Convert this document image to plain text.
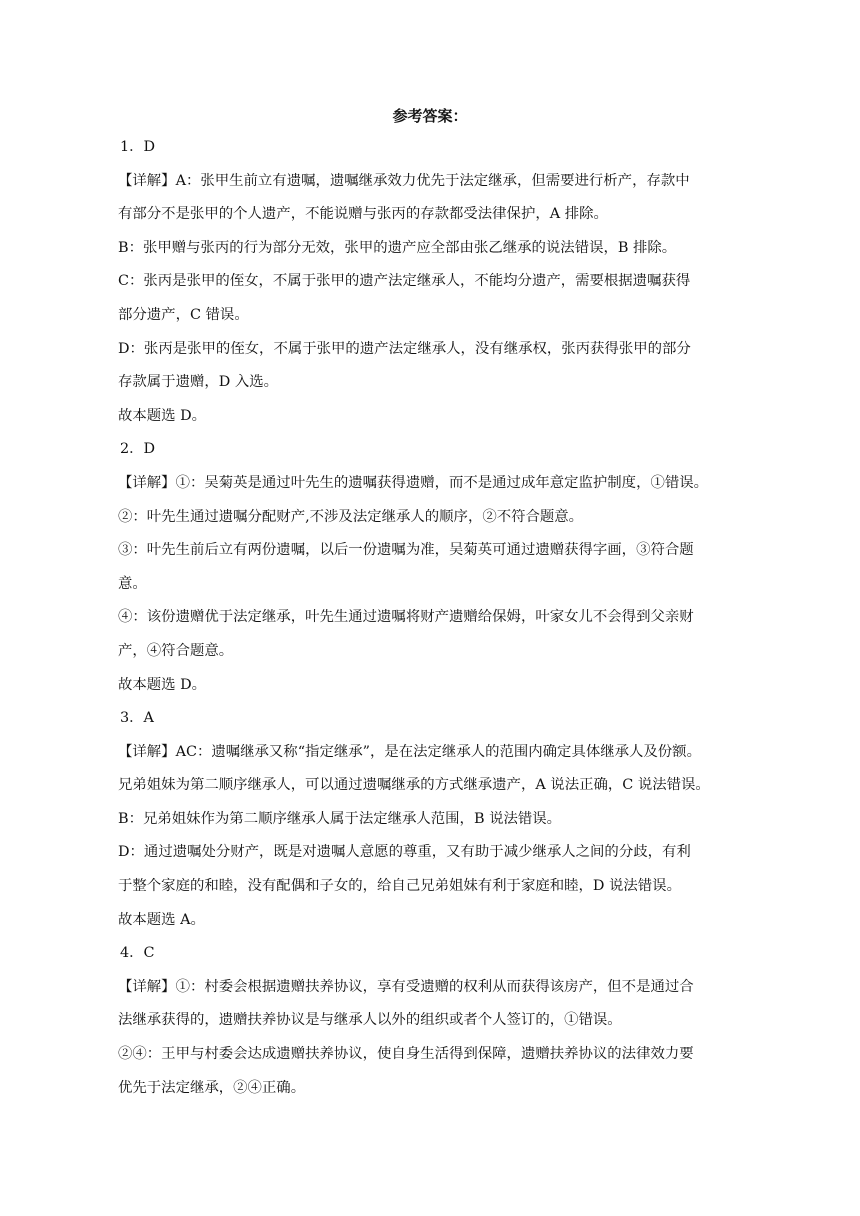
参考答案：
1．D
【详解】A：张甲生前立有遗嘱，遗嘱继承效力优先于法定继承，但需要进行析产，存款中
有部分不是张甲的个人遗产，不能说赠与张丙的存款都受法律保护，A 排除。
B：张甲赠与张丙的行为部分无效，张甲的遗产应全部由张乙继承的说法错误，B 排除。
C：张丙是张甲的侄女，不属于张甲的遗产法定继承人，不能均分遗产，需要根据遗嘱获得
部分遗产，C 错误。
D：张丙是张甲的侄女，不属于张甲的遗产法定继承人，没有继承权，张丙获得张甲的部分
存款属于遗赠，D 入选。
故本题选 D。
2．D
【详解】①：吴菊英是通过叶先生的遗嘱获得遗赠，而不是通过成年意定监护制度，①错误。
②：叶先生通过遗嘱分配财产,不涉及法定继承人的顺序，②不符合题意。
③：叶先生前后立有两份遗嘱，以后一份遗嘱为准，吴菊英可通过遗赠获得字画，③符合题
意。
④：该份遗赠优于法定继承，叶先生通过遗嘱将财产遗赠给保姆，叶家女儿不会得到父亲财
产，④符合题意。
故本题选 D。
3．A
【详解】AC：遗嘱继承又称“指定继承”，是在法定继承人的范围内确定具体继承人及份额。
兄弟姐妹为第二顺序继承人，可以通过遗嘱继承的方式继承遗产，A 说法正确，C 说法错误。
B：兄弟姐妹作为第二顺序继承人属于法定继承人范围，B 说法错误。
D：通过遗嘱处分财产，既是对遗嘱人意愿的尊重，又有助于减少继承人之间的分歧，有利
于整个家庭的和睦，没有配偶和子女的，给自己兄弟姐妹有利于家庭和睦，D 说法错误。
故本题选 A。
4．C
【详解】①：村委会根据遗赠扶养协议，享有受遗赠的权利从而获得该房产，但不是通过合
法继承获得的，遗赠扶养协议是与继承人以外的组织或者个人签订的，①错误。
②④：王甲与村委会达成遗赠扶养协议，使自身生活得到保障，遗赠扶养协议的法律效力要
优先于法定继承，②④正确。
